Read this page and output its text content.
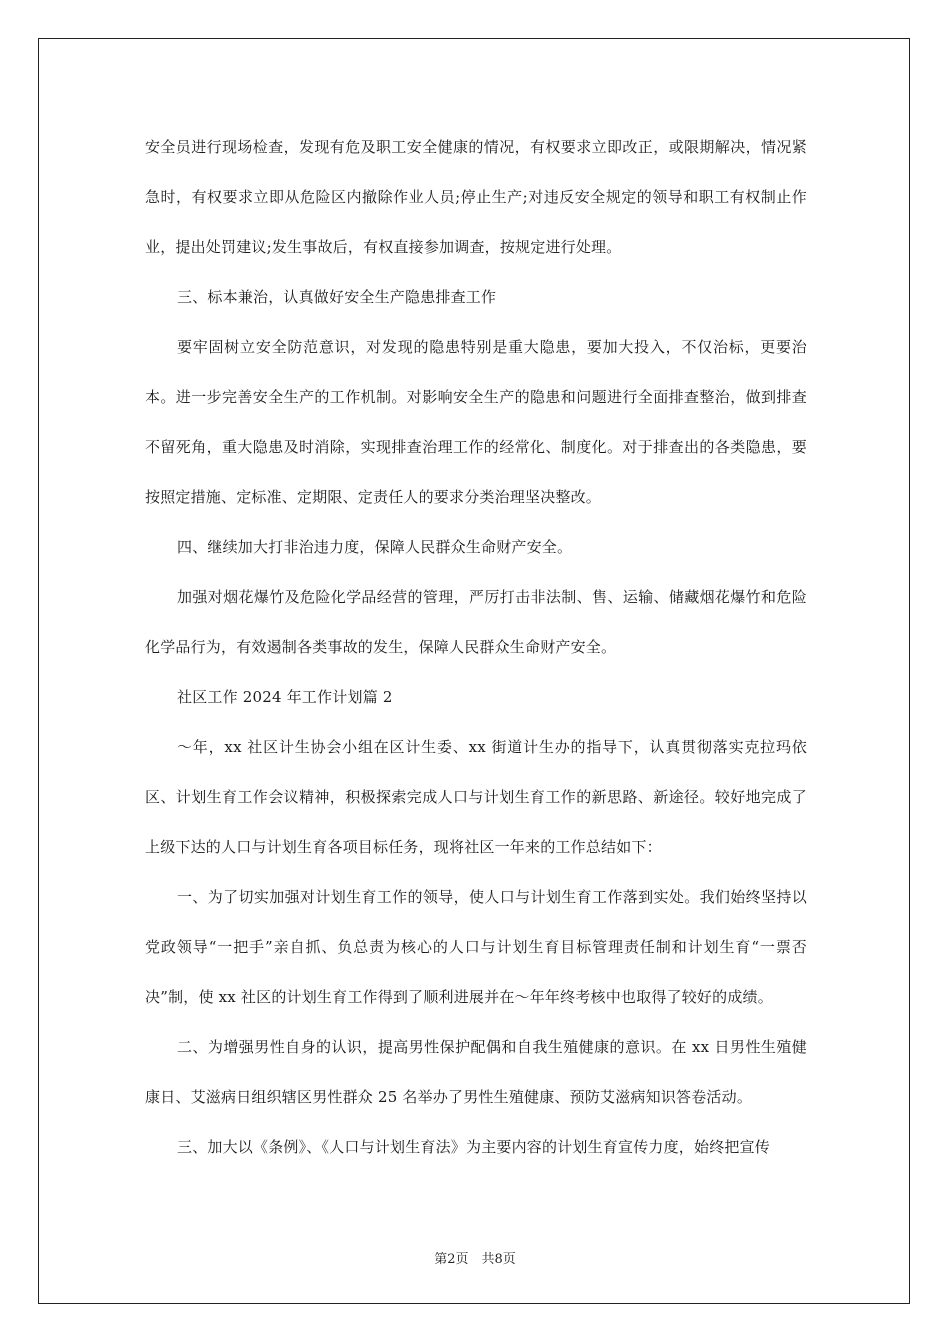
安全员进行现场检查，发现有危及职工安全健康的情况，有权要求立即改正，或限期解决，情况紧急时，有权要求立即从危险区内撤除作业人员;停止生产;对违反安全规定的领导和职工有权制止作业，提出处罚建议;发生事故后，有权直接参加调查，按规定进行处理。

三、标本兼治，认真做好安全生产隐患排查工作

要牢固树立安全防范意识，对发现的隐患特别是重大隐患，要加大投入，不仅治标，更要治本。进一步完善安全生产的工作机制。对影响安全生产的隐患和问题进行全面排查整治，做到排查不留死角，重大隐患及时消除，实现排查治理工作的经常化、制度化。对于排查出的各类隐患，要按照定措施、定标准、定期限、定责任人的要求分类治理坚决整改。

四、继续加大打非治违力度，保障人民群众生命财产安全。

加强对烟花爆竹及危险化学品经营的管理，严厉打击非法制、售、运输、储藏烟花爆竹和危险化学品行为，有效遏制各类事故的发生，保障人民群众生命财产安全。

社区工作 2024 年工作计划篇 2

～年，xx 社区计生协会小组在区计生委、xx 街道计生办的指导下，认真贯彻落实克拉玛依区、计划生育工作会议精神，积极探索完成人口与计划生育工作的新思路、新途径。较好地完成了上级下达的人口与计划生育各项目标任务，现将社区一年来的工作总结如下：

一、为了切实加强对计划生育工作的领导，使人口与计划生育工作落到实处。我们始终坚持以党政领导“一把手”亲自抓、负总责为核心的人口与计划生育目标管理责任制和计划生育“一票否决”制，使 xx 社区的计划生育工作得到了顺利进展并在～年年终考核中也取得了较好的成绩。

二、为增强男性自身的认识，提高男性保护配偶和自我生殖健康的意识。在 xx 日男性生殖健康日、艾滋病日组织辖区男性群众 25 名举办了男性生殖健康、预防艾滋病知识答卷活动。

三、加大以《条例》、《人口与计划生育法》为主要内容的计划生育宣传力度，始终把宣传

第2页　共8页
